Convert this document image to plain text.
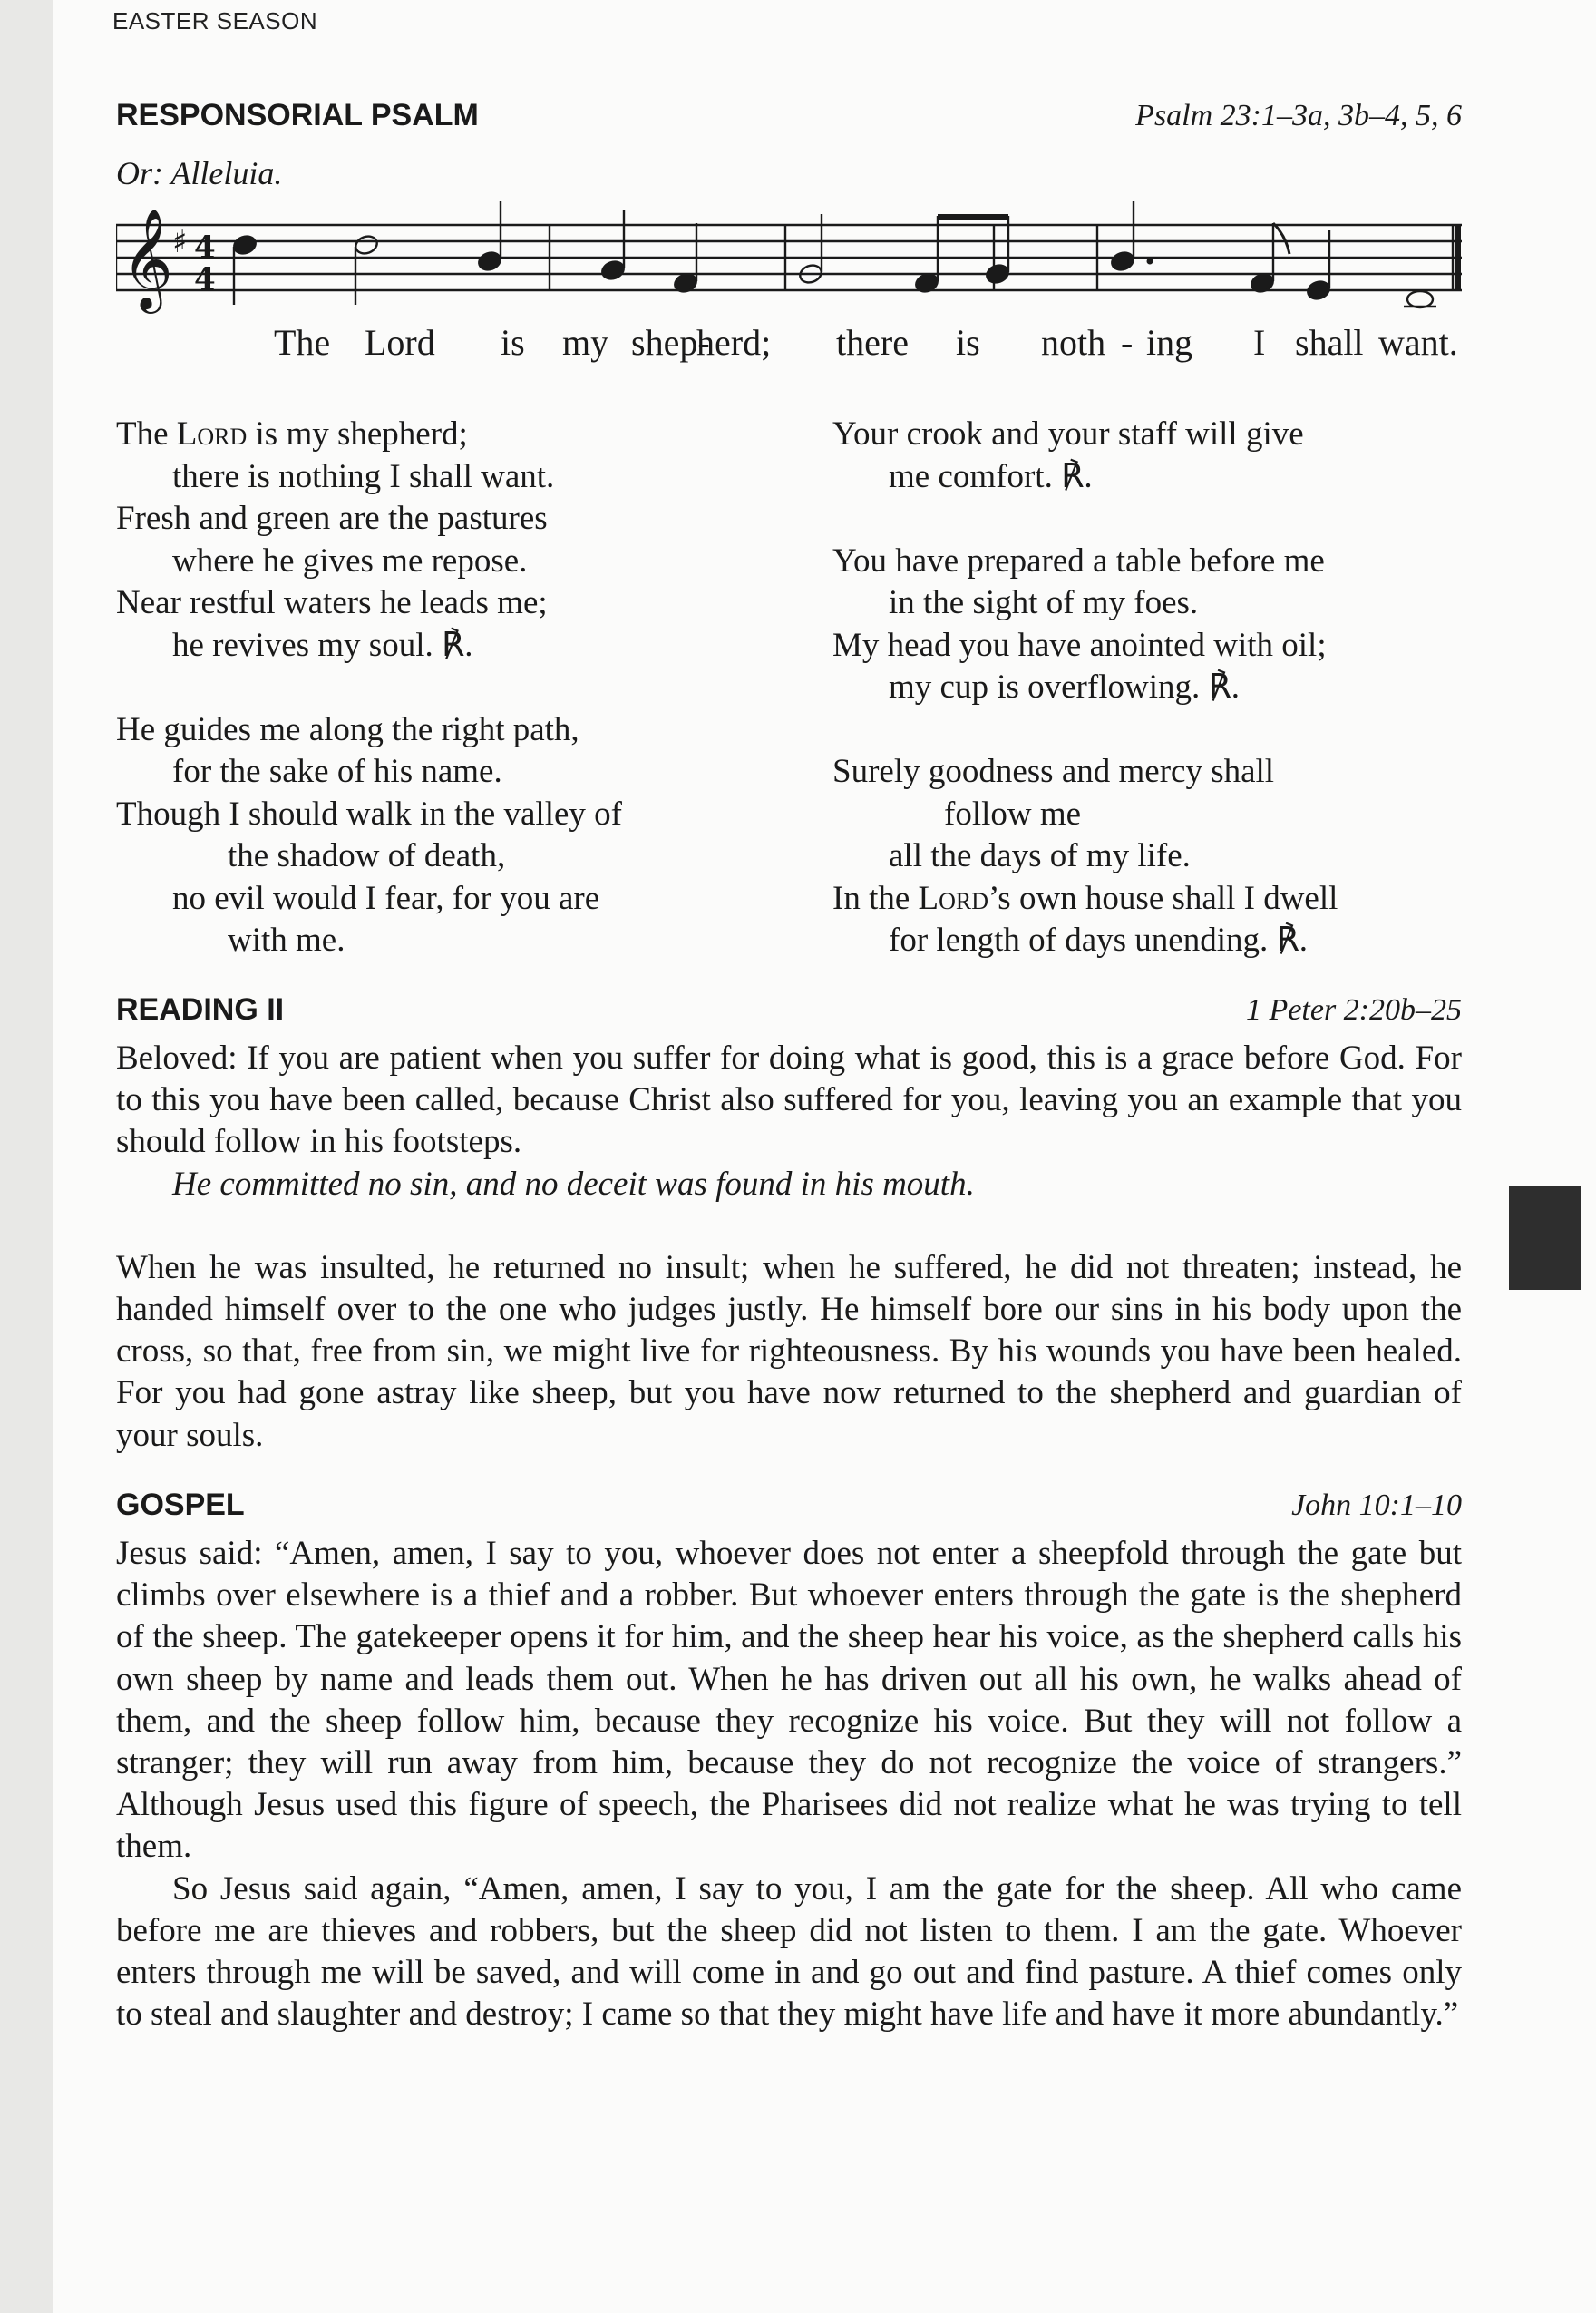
EASTER SEASON
RESPONSORIAL PSALM	Psalm 23:1–3a, 3b–4, 5, 6
Or: Alleluia.
𝄞 ♯ 4
4
The Lord is my shep-
herd; there is noth - ing I shall want.
The Lord is my shepherd;
there is nothing I shall want.
Fresh and green are the pastures
where he gives me repose.
Near restful waters he leads me;
he revives my soul. ℟.

He guides me along the right path,
for the sake of his name.
Though I should walk in the valley of
the shadow of death,
no evil would I fear, for you are
with me.
Your crook and your staff will give
me comfort. ℟.

You have prepared a table before me
in the sight of my foes.
My head you have anointed with oil;
my cup is overflowing. ℟.

Surely goodness and mercy shall
follow me
all the days of my life.
In the Lord’s own house shall I dwell
for length of days unending. ℟.
READING II	1 Peter 2:20b–25

Beloved: If you are patient when you suffer for doing what is good, this is a grace before God. For to this you have been called, because Christ also suffered for you, leaving you an example that you should follow in his footsteps.

He committed no sin, and no deceit was found in his mouth.

When he was insulted, he returned no insult; when he suffered, he did not threaten; instead, he handed himself over to the one who judges justly. He himself bore our sins in his body upon the cross, so that, free from sin, we might live for righteousness. By his wounds you have been healed. For you had gone astray like sheep, but you have now returned to the shepherd and guardian of your souls.

GOSPEL	John 10:1–10

Jesus said: “Amen, amen, I say to you, whoever does not enter a sheepfold through the gate but climbs over elsewhere is a thief and a robber. But whoever enters through the gate is the shepherd of the sheep. The gatekeeper opens it for him, and the sheep hear his voice, as the shepherd calls his own sheep by name and leads them out. When he has driven out all his own, he walks ahead of them, and the sheep follow him, because they recognize his voice. But they will not follow a stranger; they will run away from him, because they do not recognize the voice of strangers.” Although Jesus used this figure of speech, the Pharisees did not realize what he was trying to tell them.

So Jesus said again, “Amen, amen, I say to you, I am the gate for the sheep. All who came before me are thieves and robbers, but the sheep did not listen to them. I am the gate. Whoever enters through me will be saved, and will come in and go out and find pasture. A thief comes only to steal and slaughter and destroy; I came so that they might have life and have it more abundantly.”
